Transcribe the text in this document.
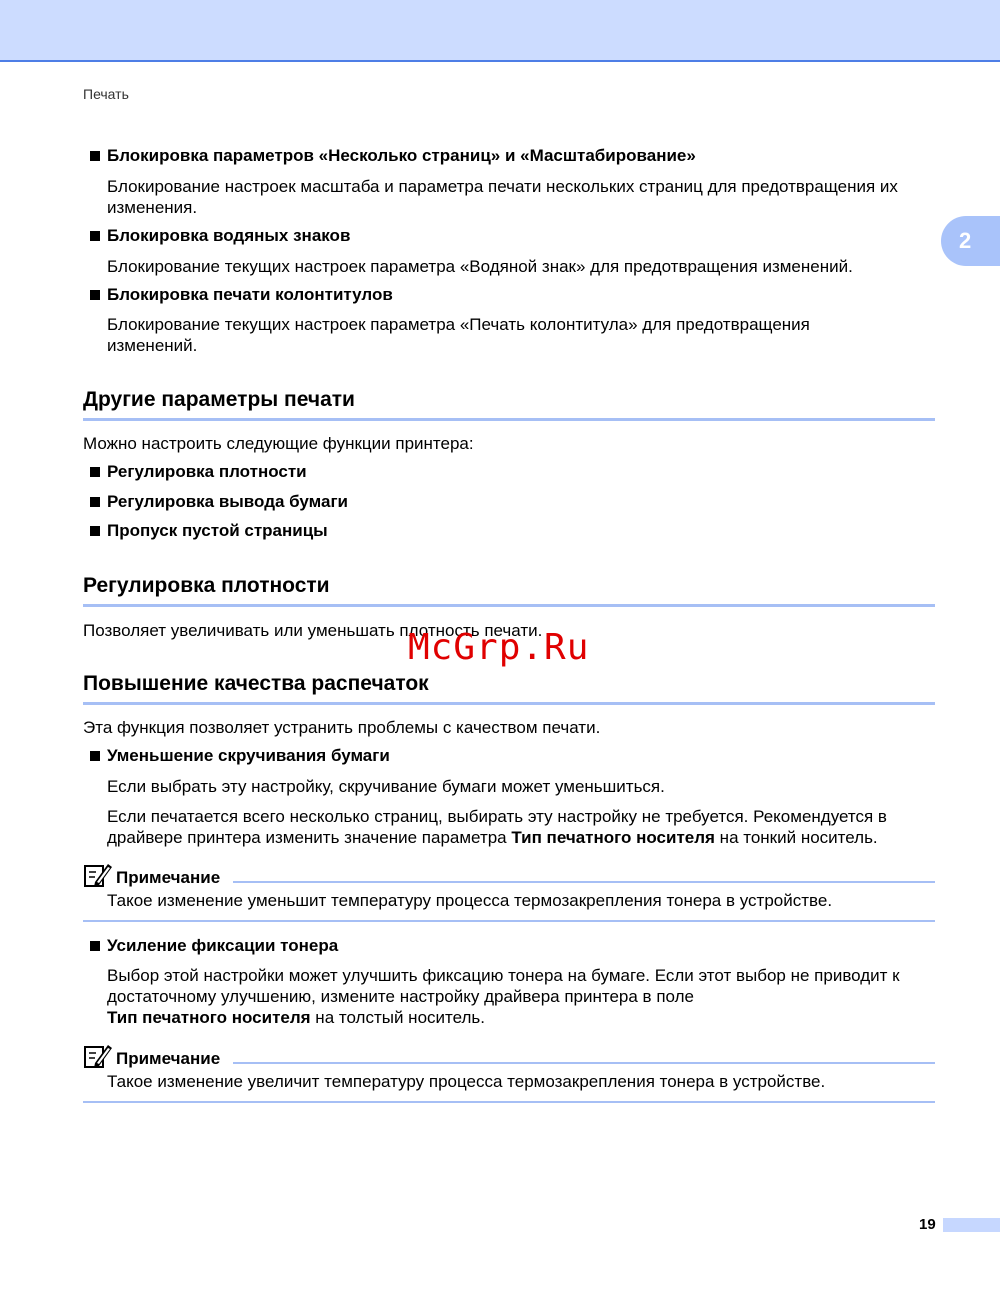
Печать
2
Блокировка параметров «Несколько страниц» и «Масштабирование»
Блокирование настроек масштаба и параметра печати нескольких страниц для предотвращения их изменения.
Блокировка водяных знаков
Блокирование текущих настроек параметра «Водяной знак» для предотвращения изменений.
Блокировка печати колонтитулов
Блокирование текущих настроек параметра «Печать колонтитула» для предотвращения изменений.
Другие параметры печати
Можно настроить следующие функции принтера:
Регулировка плотности
Регулировка вывода бумаги
Пропуск пустой страницы
Регулировка плотности
Позволяет увеличивать или уменьшать плотность печати.
McGrp.Ru
Повышение качества распечаток
Эта функция позволяет устранить проблемы с качеством печати.
Уменьшение скручивания бумаги
Если выбрать эту настройку, скручивание бумаги может уменьшиться.
Если печатается всего несколько страниц, выбирать эту настройку не требуется. Рекомендуется в драйвере принтера изменить значение параметра Тип печатного носителя на тонкий носитель.
Примечание
Такое изменение уменьшит температуру процесса термозакрепления тонера в устройстве.
Усиление фиксации тонера
Выбор этой настройки может улучшить фиксацию тонера на бумаге. Если этот выбор не приводит к достаточному улучшению, измените настройку драйвера принтера в поле
Тип печатного носителя на толстый носитель.
Примечание
Такое изменение увеличит температуру процесса термозакрепления тонера в устройстве.
19
